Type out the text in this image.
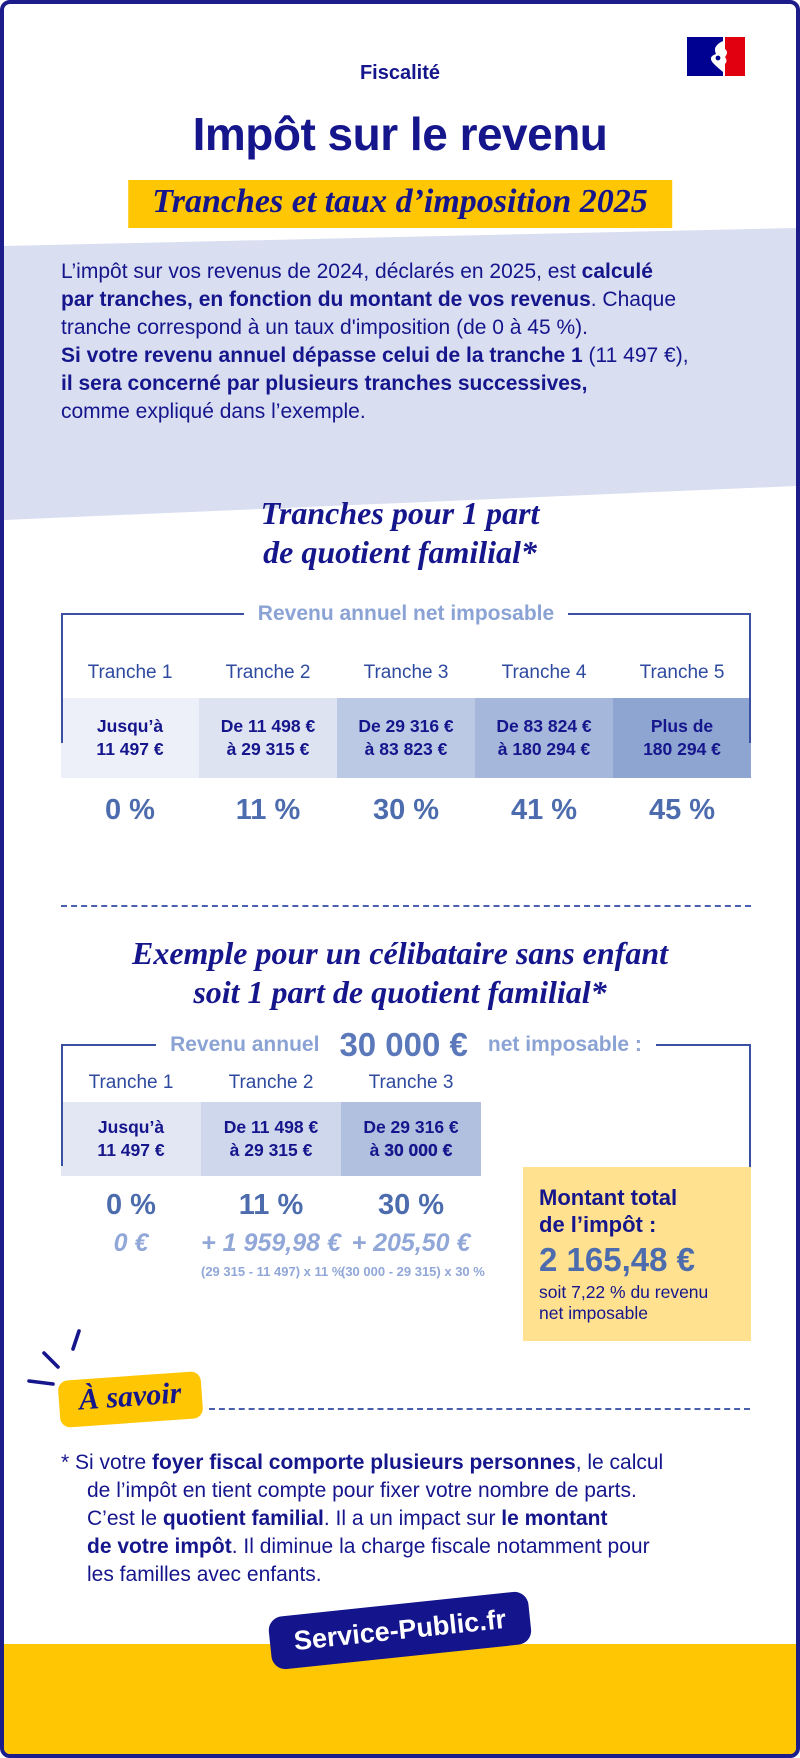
Fiscalité
Impôt sur le revenu
Tranches et taux d’imposition 2025
L’impôt sur vos revenus de 2024, déclarés en 2025, est calculé
par tranches, en fonction du montant de vos revenus. Chaque
tranche correspond à un taux d'imposition (de 0 à 45 %).
Si votre revenu annuel dépasse celui de la tranche 1 (11 497 €),
il sera concerné par plusieurs tranches successives,
comme expliqué dans l’exemple.
Tranches pour 1 part
de quotient familial*
Revenu annuel net imposable
Tranche 1
Jusqu’à
11 497 €
0 %
Tranche 2
De 11 498 €
à 29 315 €
11 %
Tranche 3
De 29 316 €
à 83 823 €
30 %
Tranche 4
De 83 824 €
à 180 294 €
41 %
Tranche 5
Plus de
180 294 €
45 %
Exemple pour un célibataire sans enfant
soit 1 part de quotient familial*
Revenu annuel 30 000 € net imposable :
Tranche 1
Jusqu’à
11 497 €
0 %
0 €
Tranche 2
De 11 498 €
à 29 315 €
11 %
+ 1 959,98 €
(29 315 - 11 497) x 11 %
Tranche 3
De 29 316 €
à 30 000 €
30 %
+ 205,50 €
(30 000 - 29 315) x 30 %
Montant total
de l’impôt :
2 165,48 €
soit 7,22 % du revenu
net imposable
À savoir
* Si votre foyer fiscal comporte plusieurs personnes, le calcul
de l’impôt en tient compte pour fixer votre nombre de parts.
C’est le quotient familial. Il a un impact sur le montant
de votre impôt. Il diminue la charge fiscale notamment pour
les familles avec enfants.
Service-Public.fr
